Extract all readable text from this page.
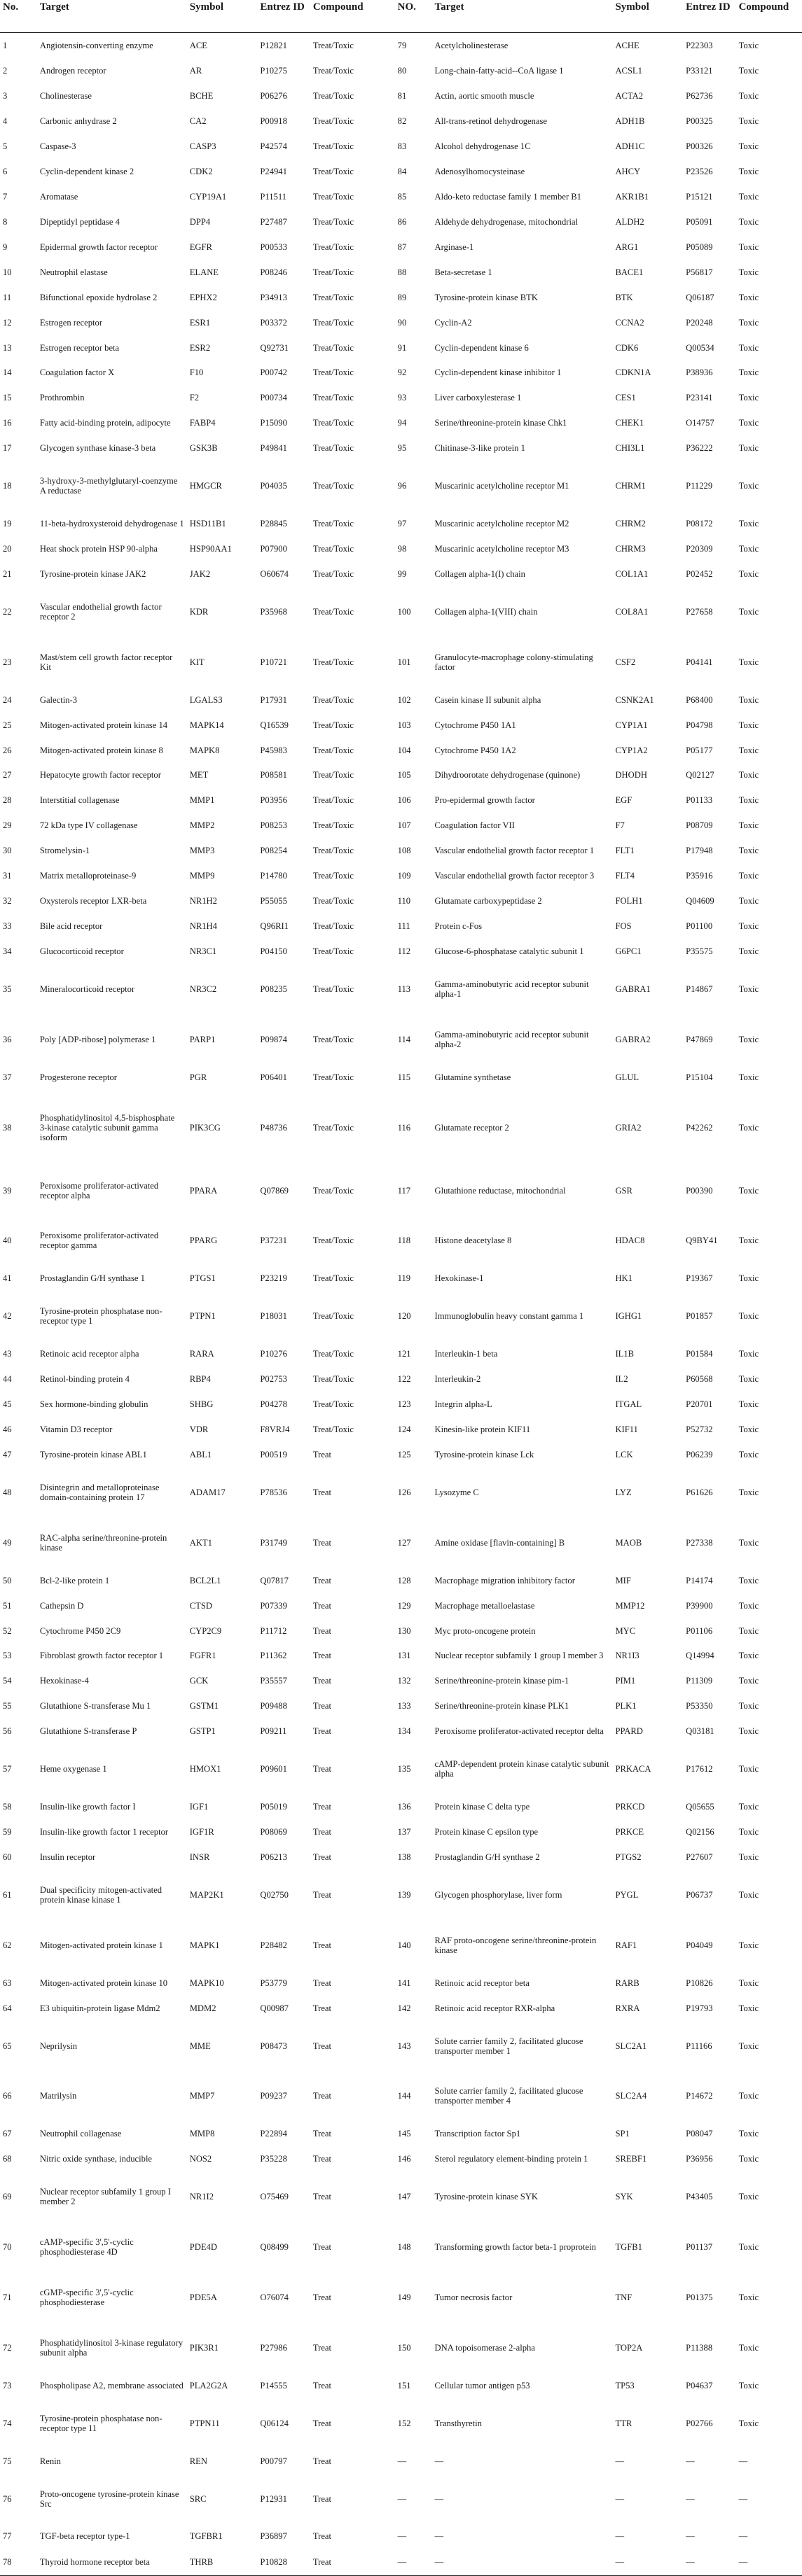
No.	Target	Symbol	Entrez ID	Compound	NO.	Target	Symbol	Entrez ID	Compound
1	Angiotensin-converting enzyme	ACE	P12821	Treat/Toxic	79	Acetylcholinesterase	ACHE	P22303	Toxic
2	Androgen receptor	AR	P10275	Treat/Toxic	80	Long-chain-fatty-acid--CoA ligase 1	ACSL1	P33121	Toxic
3	Cholinesterase	BCHE	P06276	Treat/Toxic	81	Actin, aortic smooth muscle	ACTA2	P62736	Toxic
4	Carbonic anhydrase 2	CA2	P00918	Treat/Toxic	82	All-trans-retinol dehydrogenase	ADH1B	P00325	Toxic
5	Caspase-3	CASP3	P42574	Treat/Toxic	83	Alcohol dehydrogenase 1C	ADH1C	P00326	Toxic
6	Cyclin-dependent kinase 2	CDK2	P24941	Treat/Toxic	84	Adenosylhomocysteinase	AHCY	P23526	Toxic
7	Aromatase	CYP19A1	P11511	Treat/Toxic	85	Aldo-keto reductase family 1 member B1	AKR1B1	P15121	Toxic
8	Dipeptidyl peptidase 4	DPP4	P27487	Treat/Toxic	86	Aldehyde dehydrogenase, mitochondrial	ALDH2	P05091	Toxic
9	Epidermal growth factor receptor	EGFR	P00533	Treat/Toxic	87	Arginase-1	ARG1	P05089	Toxic
10	Neutrophil elastase	ELANE	P08246	Treat/Toxic	88	Beta-secretase 1	BACE1	P56817	Toxic
11	Bifunctional epoxide hydrolase 2	EPHX2	P34913	Treat/Toxic	89	Tyrosine-protein kinase BTK	BTK	Q06187	Toxic
12	Estrogen receptor	ESR1	P03372	Treat/Toxic	90	Cyclin-A2	CCNA2	P20248	Toxic
13	Estrogen receptor beta	ESR2	Q92731	Treat/Toxic	91	Cyclin-dependent kinase 6	CDK6	Q00534	Toxic
14	Coagulation factor X	F10	P00742	Treat/Toxic	92	Cyclin-dependent kinase inhibitor 1	CDKN1A	P38936	Toxic
15	Prothrombin	F2	P00734	Treat/Toxic	93	Liver carboxylesterase 1	CES1	P23141	Toxic
16	Fatty acid-binding protein, adipocyte	FABP4	P15090	Treat/Toxic	94	Serine/threonine-protein kinase Chk1	CHEK1	O14757	Toxic
17	Glycogen synthase kinase-3 beta	GSK3B	P49841	Treat/Toxic	95	Chitinase-3-like protein 1	CHI3L1	P36222	Toxic
18	3-hydroxy-3-methylglutaryl-coenzyme A reductase	HMGCR	P04035	Treat/Toxic	96	Muscarinic acetylcholine receptor M1	CHRM1	P11229	Toxic
19	11-beta-hydroxysteroid dehydrogenase 1	HSD11B1	P28845	Treat/Toxic	97	Muscarinic acetylcholine receptor M2	CHRM2	P08172	Toxic
20	Heat shock protein HSP 90-alpha	HSP90AA1	P07900	Treat/Toxic	98	Muscarinic acetylcholine receptor M3	CHRM3	P20309	Toxic
21	Tyrosine-protein kinase JAK2	JAK2	O60674	Treat/Toxic	99	Collagen alpha-1(I) chain	COL1A1	P02452	Toxic
22	Vascular endothelial growth factor receptor 2	KDR	P35968	Treat/Toxic	100	Collagen alpha-1(VIII) chain	COL8A1	P27658	Toxic
23	Mast/stem cell growth factor receptor Kit	KIT	P10721	Treat/Toxic	101	Granulocyte-macrophage colony-stimulating factor	CSF2	P04141	Toxic
24	Galectin-3	LGALS3	P17931	Treat/Toxic	102	Casein kinase II subunit alpha	CSNK2A1	P68400	Toxic
25	Mitogen-activated protein kinase 14	MAPK14	Q16539	Treat/Toxic	103	Cytochrome P450 1A1	CYP1A1	P04798	Toxic
26	Mitogen-activated protein kinase 8	MAPK8	P45983	Treat/Toxic	104	Cytochrome P450 1A2	CYP1A2	P05177	Toxic
27	Hepatocyte growth factor receptor	MET	P08581	Treat/Toxic	105	Dihydroorotate dehydrogenase (quinone)	DHODH	Q02127	Toxic
28	Interstitial collagenase	MMP1	P03956	Treat/Toxic	106	Pro-epidermal growth factor	EGF	P01133	Toxic
29	72 kDa type IV collagenase	MMP2	P08253	Treat/Toxic	107	Coagulation factor VII	F7	P08709	Toxic
30	Stromelysin-1	MMP3	P08254	Treat/Toxic	108	Vascular endothelial growth factor receptor 1	FLT1	P17948	Toxic
31	Matrix metalloproteinase-9	MMP9	P14780	Treat/Toxic	109	Vascular endothelial growth factor receptor 3	FLT4	P35916	Toxic
32	Oxysterols receptor LXR-beta	NR1H2	P55055	Treat/Toxic	110	Glutamate carboxypeptidase 2	FOLH1	Q04609	Toxic
33	Bile acid receptor	NR1H4	Q96RI1	Treat/Toxic	111	Protein c-Fos	FOS	P01100	Toxic
34	Glucocorticoid receptor	NR3C1	P04150	Treat/Toxic	112	Glucose-6-phosphatase catalytic subunit 1	G6PC1	P35575	Toxic
35	Mineralocorticoid receptor	NR3C2	P08235	Treat/Toxic	113	Gamma-aminobutyric acid receptor subunit alpha-1	GABRA1	P14867	Toxic
36	Poly [ADP-ribose] polymerase 1	PARP1	P09874	Treat/Toxic	114	Gamma-aminobutyric acid receptor subunit alpha-2	GABRA2	P47869	Toxic
37	Progesterone receptor	PGR	P06401	Treat/Toxic	115	Glutamine synthetase	GLUL	P15104	Toxic
38	Phosphatidylinositol 4,5-bisphosphate 3-kinase catalytic subunit gamma isoform	PIK3CG	P48736	Treat/Toxic	116	Glutamate receptor 2	GRIA2	P42262	Toxic
39	Peroxisome proliferator-activated receptor alpha	PPARA	Q07869	Treat/Toxic	117	Glutathione reductase, mitochondrial	GSR	P00390	Toxic
40	Peroxisome proliferator-activated receptor gamma	PPARG	P37231	Treat/Toxic	118	Histone deacetylase 8	HDAC8	Q9BY41	Toxic
41	Prostaglandin G/H synthase 1	PTGS1	P23219	Treat/Toxic	119	Hexokinase-1	HK1	P19367	Toxic
42	Tyrosine-protein phosphatase non-receptor type 1	PTPN1	P18031	Treat/Toxic	120	Immunoglobulin heavy constant gamma 1	IGHG1	P01857	Toxic
43	Retinoic acid receptor alpha	RARA	P10276	Treat/Toxic	121	Interleukin-1 beta	IL1B	P01584	Toxic
44	Retinol-binding protein 4	RBP4	P02753	Treat/Toxic	122	Interleukin-2	IL2	P60568	Toxic
45	Sex hormone-binding globulin	SHBG	P04278	Treat/Toxic	123	Integrin alpha-L	ITGAL	P20701	Toxic
46	Vitamin D3 receptor	VDR	F8VRJ4	Treat/Toxic	124	Kinesin-like protein KIF11	KIF11	P52732	Toxic
47	Tyrosine-protein kinase ABL1	ABL1	P00519	Treat	125	Tyrosine-protein kinase Lck	LCK	P06239	Toxic
48	Disintegrin and metalloproteinase domain-containing protein 17	ADAM17	P78536	Treat	126	Lysozyme C	LYZ	P61626	Toxic
49	RAC-alpha serine/threonine-protein kinase	AKT1	P31749	Treat	127	Amine oxidase [flavin-containing] B	MAOB	P27338	Toxic
50	Bcl-2-like protein 1	BCL2L1	Q07817	Treat	128	Macrophage migration inhibitory factor	MIF	P14174	Toxic
51	Cathepsin D	CTSD	P07339	Treat	129	Macrophage metalloelastase	MMP12	P39900	Toxic
52	Cytochrome P450 2C9	CYP2C9	P11712	Treat	130	Myc proto-oncogene protein	MYC	P01106	Toxic
53	Fibroblast growth factor receptor 1	FGFR1	P11362	Treat	131	Nuclear receptor subfamily 1 group I member 3	NR1I3	Q14994	Toxic
54	Hexokinase-4	GCK	P35557	Treat	132	Serine/threonine-protein kinase pim-1	PIM1	P11309	Toxic
55	Glutathione S-transferase Mu 1	GSTM1	P09488	Treat	133	Serine/threonine-protein kinase PLK1	PLK1	P53350	Toxic
56	Glutathione S-transferase P	GSTP1	P09211	Treat	134	Peroxisome proliferator-activated receptor delta	PPARD	Q03181	Toxic
57	Heme oxygenase 1	HMOX1	P09601	Treat	135	cAMP-dependent protein kinase catalytic subunit alpha	PRKACA	P17612	Toxic
58	Insulin-like growth factor I	IGF1	P05019	Treat	136	Protein kinase C delta type	PRKCD	Q05655	Toxic
59	Insulin-like growth factor 1 receptor	IGF1R	P08069	Treat	137	Protein kinase C epsilon type	PRKCE	Q02156	Toxic
60	Insulin receptor	INSR	P06213	Treat	138	Prostaglandin G/H synthase 2	PTGS2	P27607	Toxic
61	Dual specificity mitogen-activated protein kinase kinase 1	MAP2K1	Q02750	Treat	139	Glycogen phosphorylase, liver form	PYGL	P06737	Toxic
62	Mitogen-activated protein kinase 1	MAPK1	P28482	Treat	140	RAF proto-oncogene serine/threonine-protein kinase	RAF1	P04049	Toxic
63	Mitogen-activated protein kinase 10	MAPK10	P53779	Treat	141	Retinoic acid receptor beta	RARB	P10826	Toxic
64	E3 ubiquitin-protein ligase Mdm2	MDM2	Q00987	Treat	142	Retinoic acid receptor RXR-alpha	RXRA	P19793	Toxic
65	Neprilysin	MME	P08473	Treat	143	Solute carrier family 2, facilitated glucose transporter member 1	SLC2A1	P11166	Toxic
66	Matrilysin	MMP7	P09237	Treat	144	Solute carrier family 2, facilitated glucose transporter member 4	SLC2A4	P14672	Toxic
67	Neutrophil collagenase	MMP8	P22894	Treat	145	Transcription factor Sp1	SP1	P08047	Toxic
68	Nitric oxide synthase, inducible	NOS2	P35228	Treat	146	Sterol regulatory element-binding protein 1	SREBF1	P36956	Toxic
69	Nuclear receptor subfamily 1 group I member 2	NR1I2	O75469	Treat	147	Tyrosine-protein kinase SYK	SYK	P43405	Toxic
70	cAMP-specific 3',5'-cyclic phosphodiesterase 4D	PDE4D	Q08499	Treat	148	Transforming growth factor beta-1 proprotein	TGFB1	P01137	Toxic
71	cGMP-specific 3',5'-cyclic phosphodiesterase	PDE5A	O76074	Treat	149	Tumor necrosis factor	TNF	P01375	Toxic
72	Phosphatidylinositol 3-kinase regulatory subunit alpha	PIK3R1	P27986	Treat	150	DNA topoisomerase 2-alpha	TOP2A	P11388	Toxic
73	Phospholipase A2, membrane associated	PLA2G2A	P14555	Treat	151	Cellular tumor antigen p53	TP53	P04637	Toxic
74	Tyrosine-protein phosphatase non-receptor type 11	PTPN11	Q06124	Treat	152	Transthyretin	TTR	P02766	Toxic
75	Renin	REN	P00797	Treat	—	—	—	—	—
76	Proto-oncogene tyrosine-protein kinase Src	SRC	P12931	Treat	—	—	—	—	—
77	TGF-beta receptor type-1	TGFBR1	P36897	Treat	—	—	—	—	—
78	Thyroid hormone receptor beta	THRB	P10828	Treat	—	—	—	—	—
